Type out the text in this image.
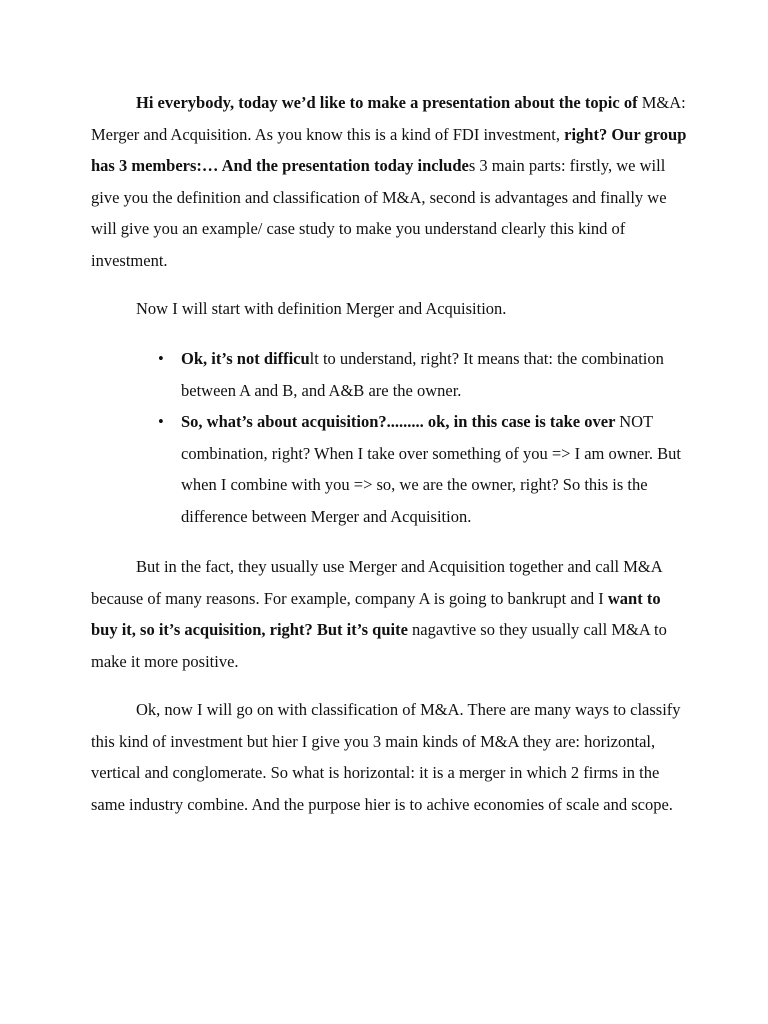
Hi everybody, today we’d like to make a presentation about the topic of M&A: Merger and Acquisition. As you know this is a kind of FDI investment, right? Our group has 3 members:… And the presentation today includes 3 main parts: firstly, we will give you the definition and classification of M&A, second is advantages and finally we will give you an example/ case study to make you understand clearly this kind of investment.

Now I will start with definition Merger and Acquisition.

• Ok, it’s not difficult to understand, right? It means that: the combination between A and B, and A&B are the owner.
• So, what’s about acquisition?......... ok, in this case is take over NOT combination, right? When I take over something of you => I am owner. But when I combine with you => so, we are the owner, right? So this is the difference between Merger and Acquisition.

But in the fact, they usually use Merger and Acquisition together and call M&A because of many reasons. For example, company A is going to bankrupt and I want to buy it, so it’s acquisition, right? But it’s quite nagavtive so they usually call M&A to make it more positive.

Ok, now I will go on with classification of M&A. There are many ways to classify this kind of investment but hier I give you 3 main kinds of M&A they are: horizontal, vertical and conglomerate. So what is horizontal: it is a merger in which 2 firms in the same industry combine. And the purpose hier is to achive economies of scale and scope.
